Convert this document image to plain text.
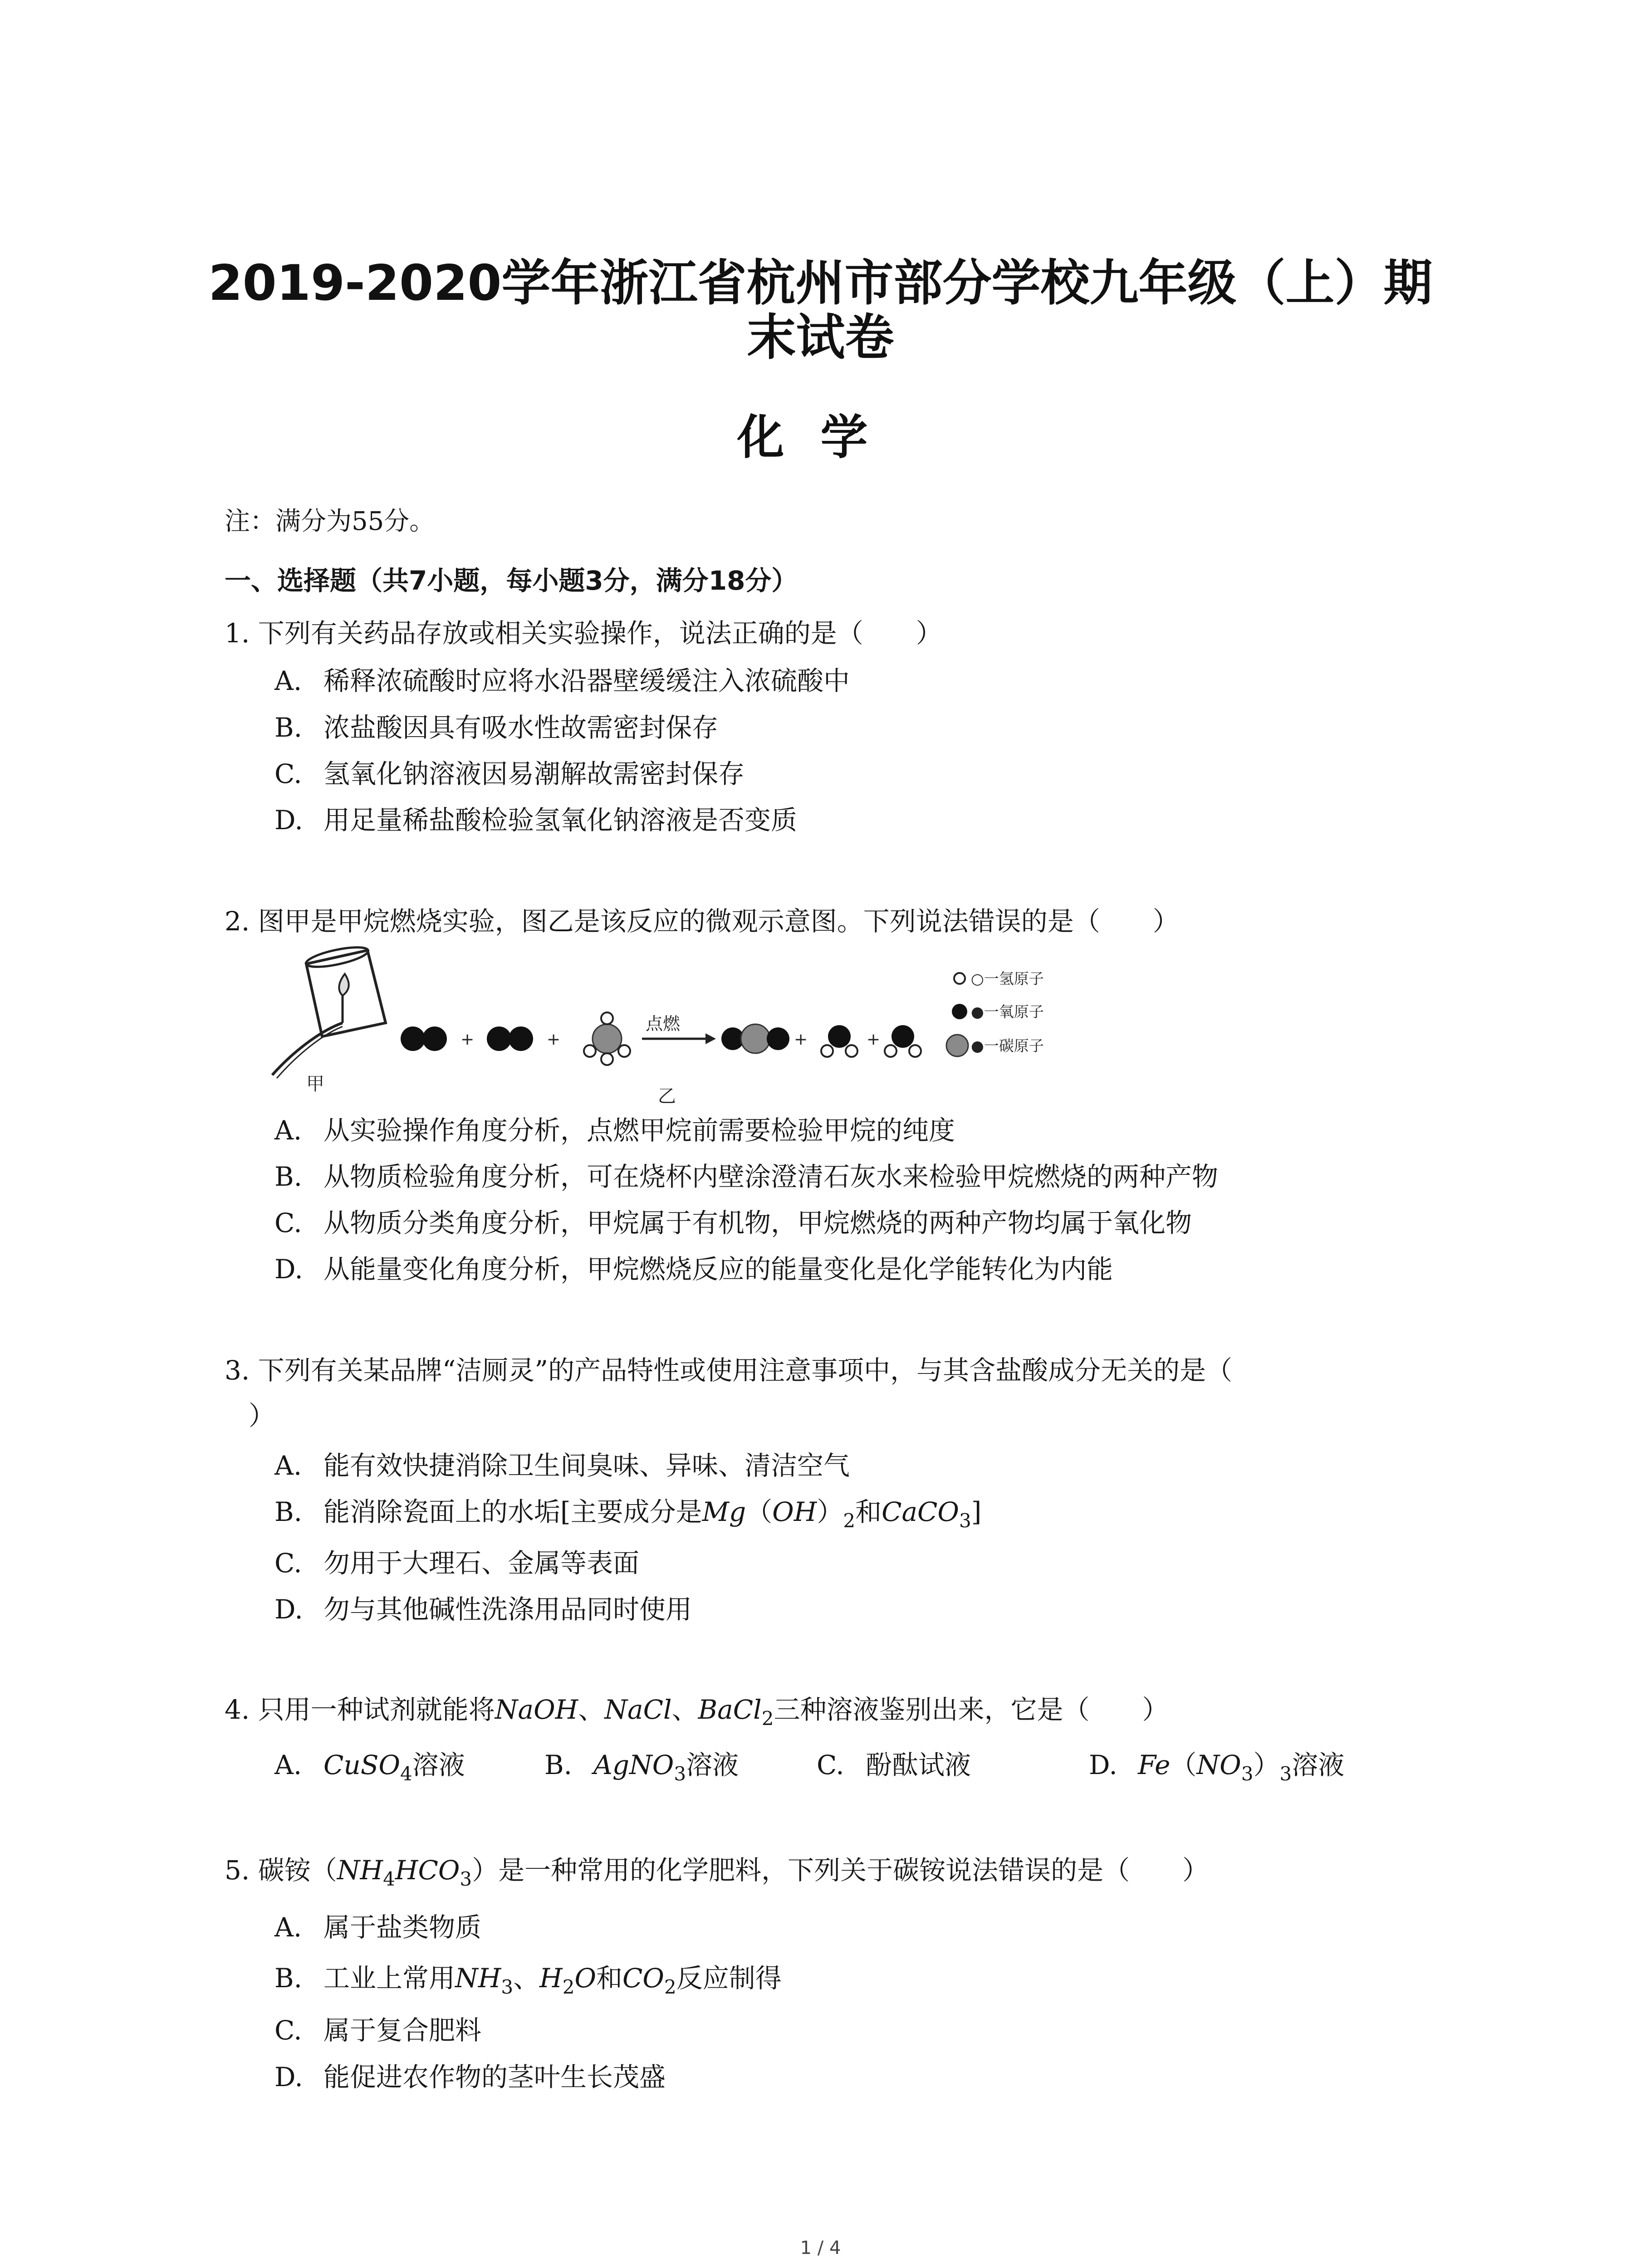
2019-2020学年浙江省杭州市部分学校九年级（上）期
末试卷
化学
注：满分为55分。
一、选择题（共7小题，每小题3分，满分18分）
1. 下列有关药品存放或相关实验操作，说法正确的是（　　）
A. 稀释浓硫酸时应将水沿器壁缓缓注入浓硫酸中
B. 浓盐酸因具有吸水性故需密封保存
C. 氢氧化钠溶液因易潮解故需密封保存
D. 用足量稀盐酸检验氢氧化钠溶液是否变质
2. 图甲是甲烷燃烧实验，图乙是该反应的微观示意图。下列说法错误的是（　　）
甲
+	+
点燃
+	+
乙
○一氢原子
●一氧原子
●一碳原子
A. 从实验操作角度分析，点燃甲烷前需要检验甲烷的纯度
B. 从物质检验角度分析，可在烧杯内壁涂澄清石灰水来检验甲烷燃烧的两种产物
C. 从物质分类角度分析，甲烷属于有机物，甲烷燃烧的两种产物均属于氧化物
D. 从能量变化角度分析，甲烷燃烧反应的能量变化是化学能转化为内能
3. 下列有关某品牌“洁厕灵”的产品特性或使用注意事项中，与其含盐酸成分无关的是（
）
A. 能有效快捷消除卫生间臭味、异味、清洁空气
B. 能消除瓷面上的水垢[主要成分是$Mg(OH)_2$和CaCO$_3$]
C. 勿用于大理石、金属等表面
D. 勿与其他碱性洗涤用品同时使用
4. 只用一种试剂就能将NaOH、NaCl、BaCl$_2$三种溶液鉴别出来，它是（　　）
A. CuSO$_4$溶液	B. AgNO$_3$溶液	C. 酚酞试液	D. $Fe(NO_3)_3$溶液
5. 碳铵$(NH_4HCO_3)$是一种常用的化学肥料，下列关于碳铵说法错误的是（　　）
A. 属于盐类物质
B. 工业上常用$NH_3$、$H_2O$和$CO_2$反应制得
C. 属于复合肥料
D. 能促进农作物的茎叶生长茂盛
1 / 4
